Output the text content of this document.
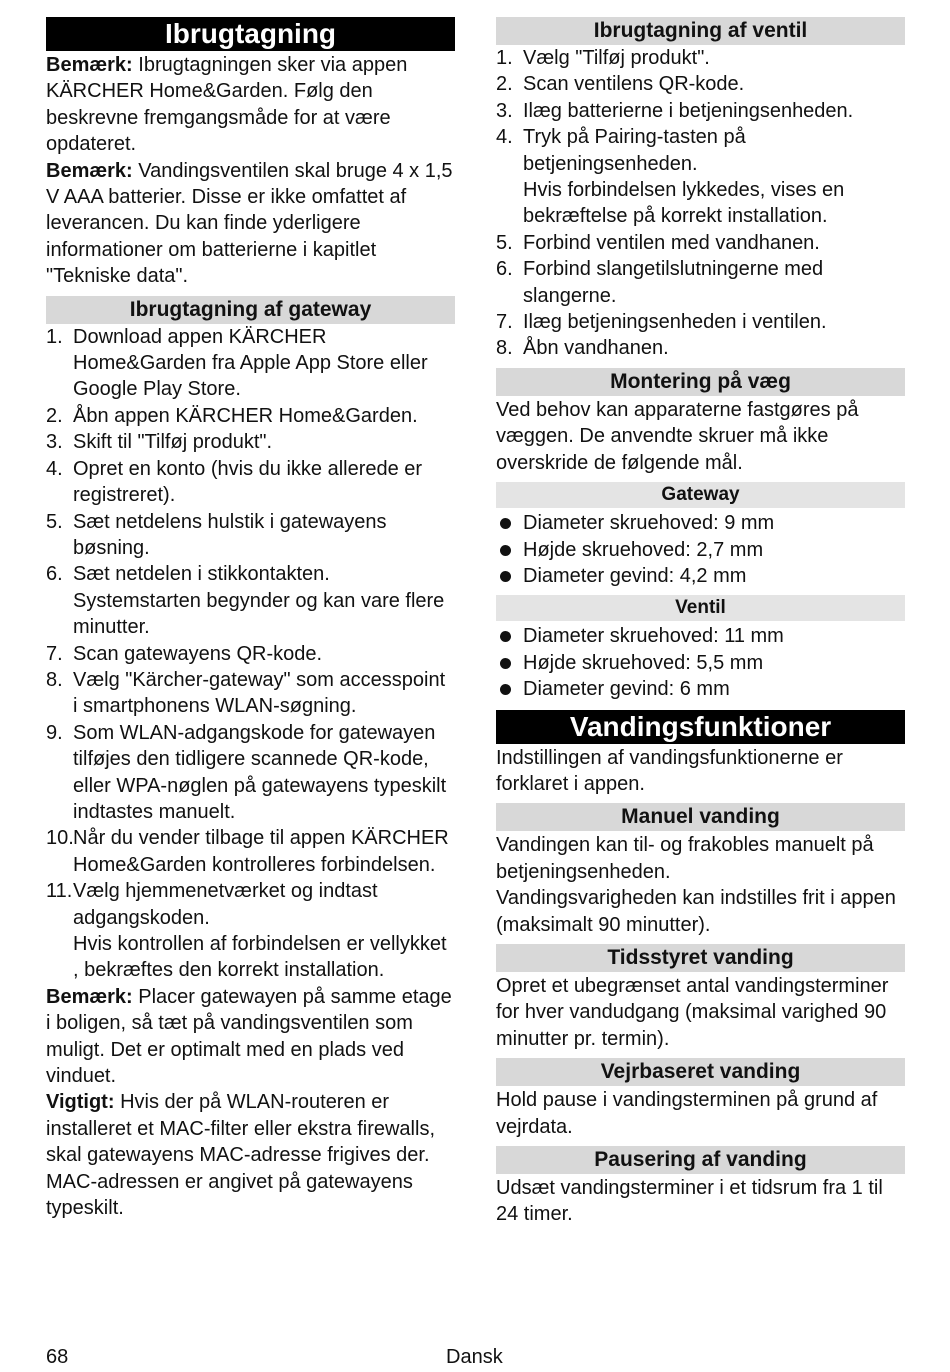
Ibrugtagning

Bemærk: Ibrugtagningen sker via appen KÄRCHER Home&Garden. Følg den beskrevne fremgangsmåde for at være opdateret.

Bemærk: Vandingsventilen skal bruge 4 x 1,5 V AAA batterier. Disse er ikke omfattet af leverancen. Du kan finde yderligere informationer om batterierne i kapitlet "Tekniske data".

Ibrugtagning af gateway
1. Download appen KÄRCHER Home&Garden fra Apple App Store eller Google Play Store.
2. Åbn appen KÄRCHER Home&Garden.
3. Skift til "Tilføj produkt".
4. Opret en konto (hvis du ikke allerede er registreret).
5. Sæt netdelens hulstik i gatewayens bøsning.
6. Sæt netdelen i stikkontakten.
Systemstarten begynder og kan vare flere minutter.
7. Scan gatewayens QR-kode.
8. Vælg "Kärcher-gateway" som accesspoint i smartphonens WLAN-søgning.
9. Som WLAN-adgangskode for gatewayen tilføjes den tidligere scannede QR-kode, eller WPA-nøglen på gatewayens typeskilt indtastes manuelt.
10. Når du vender tilbage til appen KÄRCHER Home&Garden kontrolleres forbindelsen.
11. Vælg hjemmenetværket og indtast adgangskoden.
Hvis kontrollen af forbindelsen er vellykket , bekræftes den korrekt installation.

Bemærk: Placer gatewayen på samme etage i boligen, så tæt på vandingsventilen som muligt. Det er optimalt med en plads ved vinduet.

Vigtigt: Hvis der på WLAN-routeren er installeret et MAC-filter eller ekstra firewalls, skal gatewayens MAC-adresse frigives der. MAC-adressen er angivet på gatewayens typeskilt.

Ibrugtagning af ventil
1. Vælg "Tilføj produkt".
2. Scan ventilens QR-kode.
3. Ilæg batterierne i betjeningsenheden.
4. Tryk på Pairing-tasten på betjeningsenheden.
Hvis forbindelsen lykkedes, vises en bekræftelse på korrekt installation.
5. Forbind ventilen med vandhanen.
6. Forbind slangetilslutningerne med slangerne.
7. Ilæg betjeningsenheden i ventilen.
8. Åbn vandhanen.
Montering på væg

Ved behov kan apparaterne fastgøres på væggen. De anvendte skruer må ikke overskride de følgende mål.

Gateway
Diameter skruehoved: 9 mm
Højde skruehoved: 2,7 mm
Diameter gevind: 4,2 mm
Ventil
Diameter skruehoved: 11 mm
Højde skruehoved: 5,5 mm
Diameter gevind: 6 mm
Vandingsfunktioner

Indstillingen af vandingsfunktionerne er forklaret i appen.

Manuel vanding

Vandingen kan til- og frakobles manuelt på betjeningsenheden.

Vandingsvarigheden kan indstilles frit i appen (maksimalt 90 minutter).

Tidsstyret vanding

Opret et ubegrænset antal vandingsterminer for hver vandudgang (maksimal varighed 90 minutter pr. termin).

Vejrbaseret vanding

Hold pause i vandingsterminen på grund af vejrdata.

Pausering af vanding

Udsæt vandingsterminer i et tidsrum fra 1 til 24 timer.

68	Dansk
